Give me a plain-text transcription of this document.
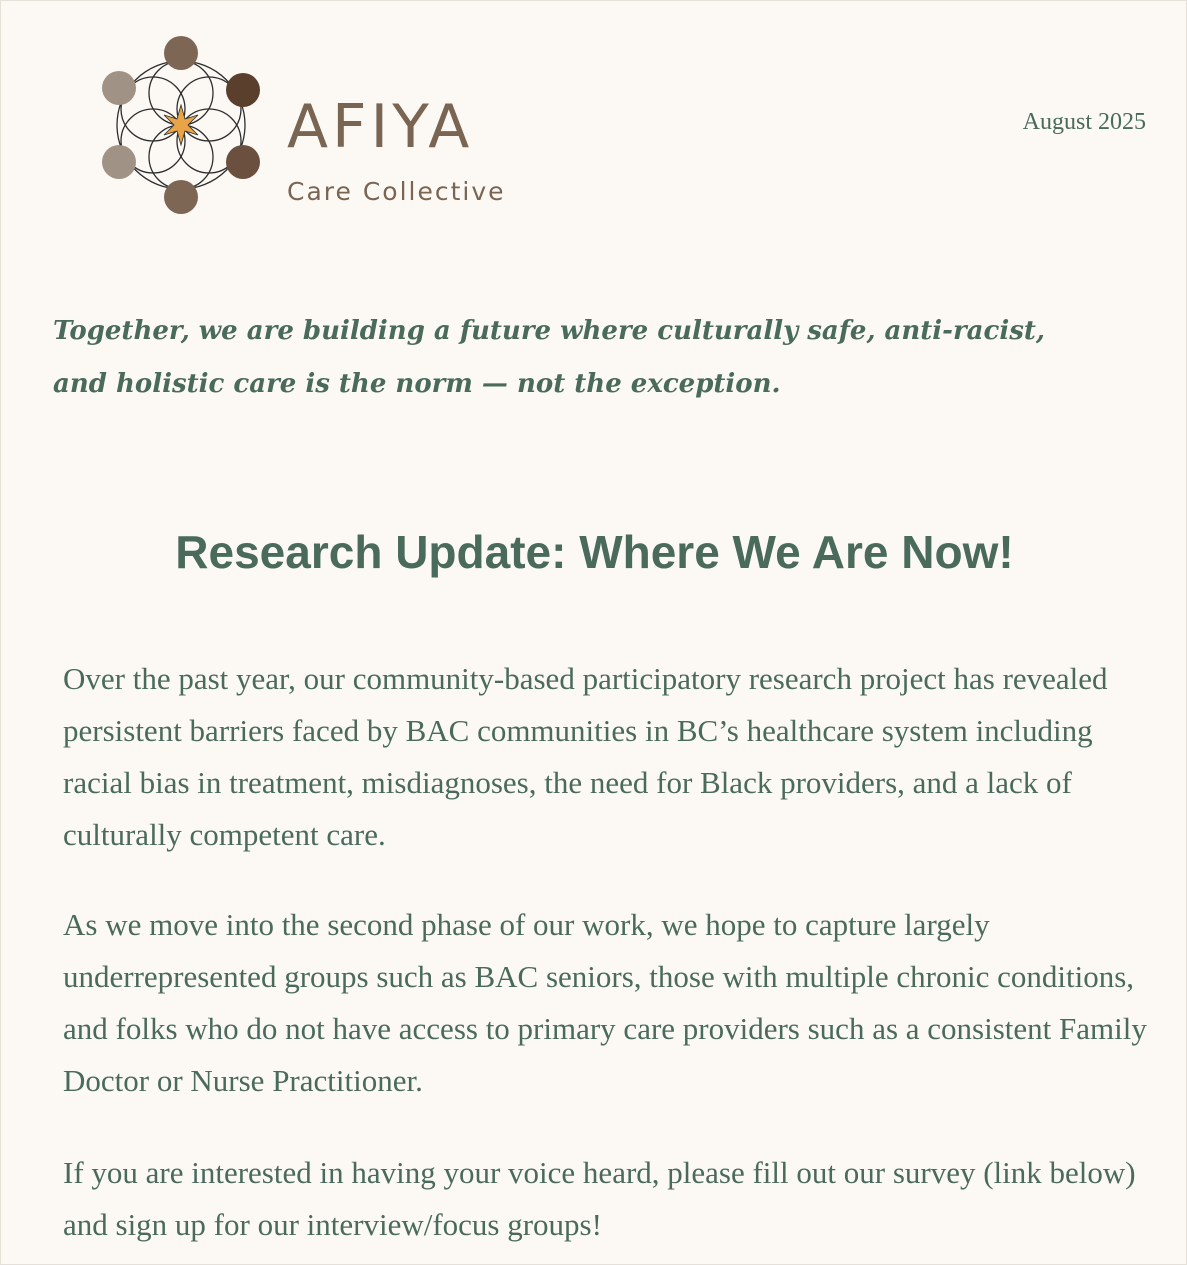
AFIYA
Care Collective
August 2025

Together, we are building a future where culturally safe, anti-racist,
and holistic care is the norm — not the exception.

Research Update: Where We Are Now!

Over the past year, our community-based participatory research project has revealed persistent barriers faced by BAC communities in BC’s healthcare system including racial bias in treatment, misdiagnoses, the need for Black providers, and a lack of culturally competent care.

As we move into the second phase of our work, we hope to capture largely underrepresented groups such as BAC seniors, those with multiple chronic conditions, and folks who do not have access to primary care providers such as a consistent Family Doctor or Nurse Practitioner.

If you are interested in having your voice heard, please fill out our survey (link below) and sign up for our interview/focus groups!
